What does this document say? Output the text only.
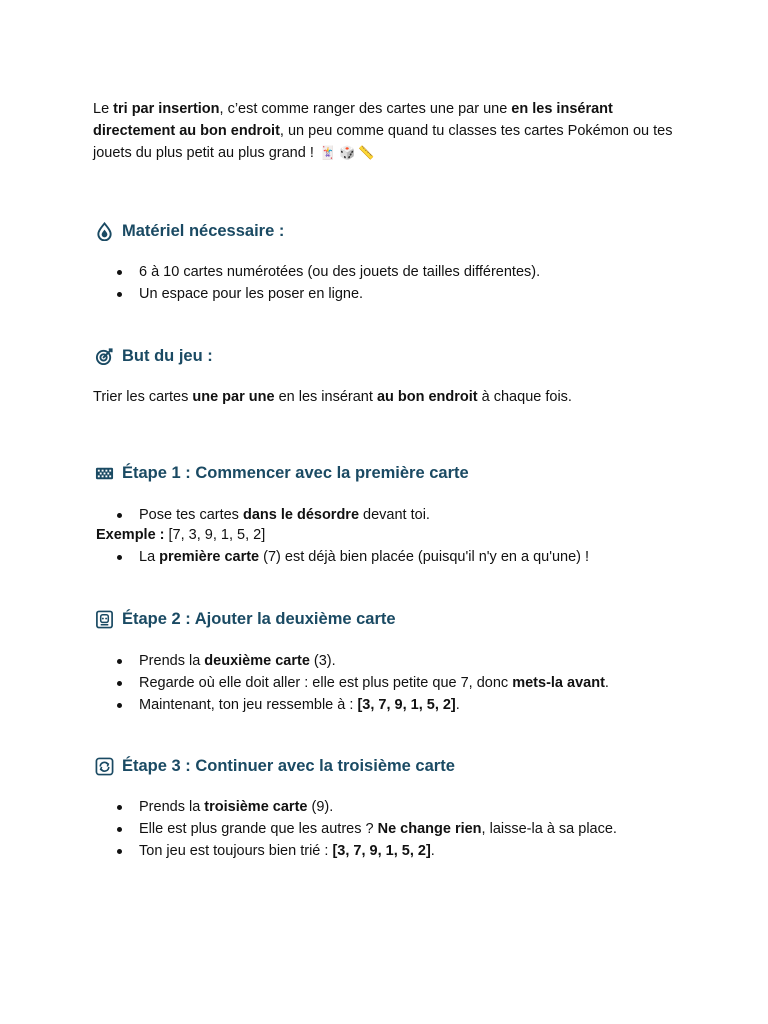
Le tri par insertion, c’est comme ranger des cartes une par une en les insérant directement au bon endroit, un peu comme quand tu classes tes cartes Pokémon ou tes jouets du plus petit au plus grand ! 🃏🎲📏

Matériel nécessaire :
6 à 10 cartes numérotées (ou des jouets de tailles différentes).
Un espace pour les poser en ligne.
But du jeu :

Trier les cartes une par une en les insérant au bon endroit à chaque fois.

Étape 1 : Commencer avec la première carte
Pose tes cartes dans le désordre devant toi.

Exemple : [7, 3, 9, 1, 5, 2]

La première carte (7) est déjà bien placée (puisqu'il n'y en a qu'une) !
Étape 2 : Ajouter la deuxième carte
Prends la deuxième carte (3).
Regarde où elle doit aller : elle est plus petite que 7, donc mets-la avant.
Maintenant, ton jeu ressemble à : [3, 7, 9, 1, 5, 2].
Étape 3 : Continuer avec la troisième carte
Prends la troisième carte (9).
Elle est plus grande que les autres ? Ne change rien, laisse-la à sa place.
Ton jeu est toujours bien trié : [3, 7, 9, 1, 5, 2].
